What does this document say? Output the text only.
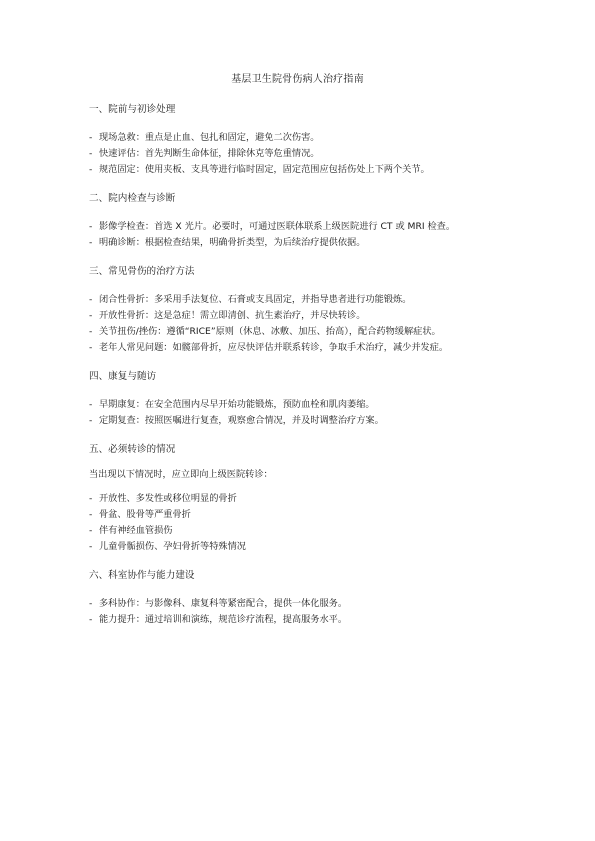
基层卫生院骨伤病人治疗指南
一、院前与初诊处理
- 现场急救：重点是止血、包扎和固定，避免二次伤害。
- 快速评估：首先判断生命体征，排除休克等危重情况。
- 规范固定：使用夹板、支具等进行临时固定，固定范围应包括伤处上下两个关节。
二、院内检查与诊断
- 影像学检查：首选 X 光片。必要时，可通过医联体联系上级医院进行 CT 或 MRI 检查。
- 明确诊断：根据检查结果，明确骨折类型，为后续治疗提供依据。
三、常见骨伤的治疗方法
- 闭合性骨折：多采用手法复位、石膏或支具固定，并指导患者进行功能锻炼。
- 开放性骨折：这是急症！需立即清创、抗生素治疗，并尽快转诊。
- 关节扭伤/挫伤：遵循“RICE”原则（休息、冰敷、加压、抬高），配合药物缓解症状。
- 老年人常见问题：如髋部骨折，应尽快评估并联系转诊，争取手术治疗，减少并发症。
四、康复与随访
- 早期康复：在安全范围内尽早开始功能锻炼，预防血栓和肌肉萎缩。
- 定期复查：按照医嘱进行复查，观察愈合情况，并及时调整治疗方案。
五、必须转诊的情况
当出现以下情况时，应立即向上级医院转诊：
- 开放性、多发性或移位明显的骨折
- 骨盆、股骨等严重骨折
- 伴有神经血管损伤
- 儿童骨骺损伤、孕妇骨折等特殊情况
六、科室协作与能力建设
- 多科协作：与影像科、康复科等紧密配合，提供一体化服务。
- 能力提升：通过培训和演练，规范诊疗流程，提高服务水平。
